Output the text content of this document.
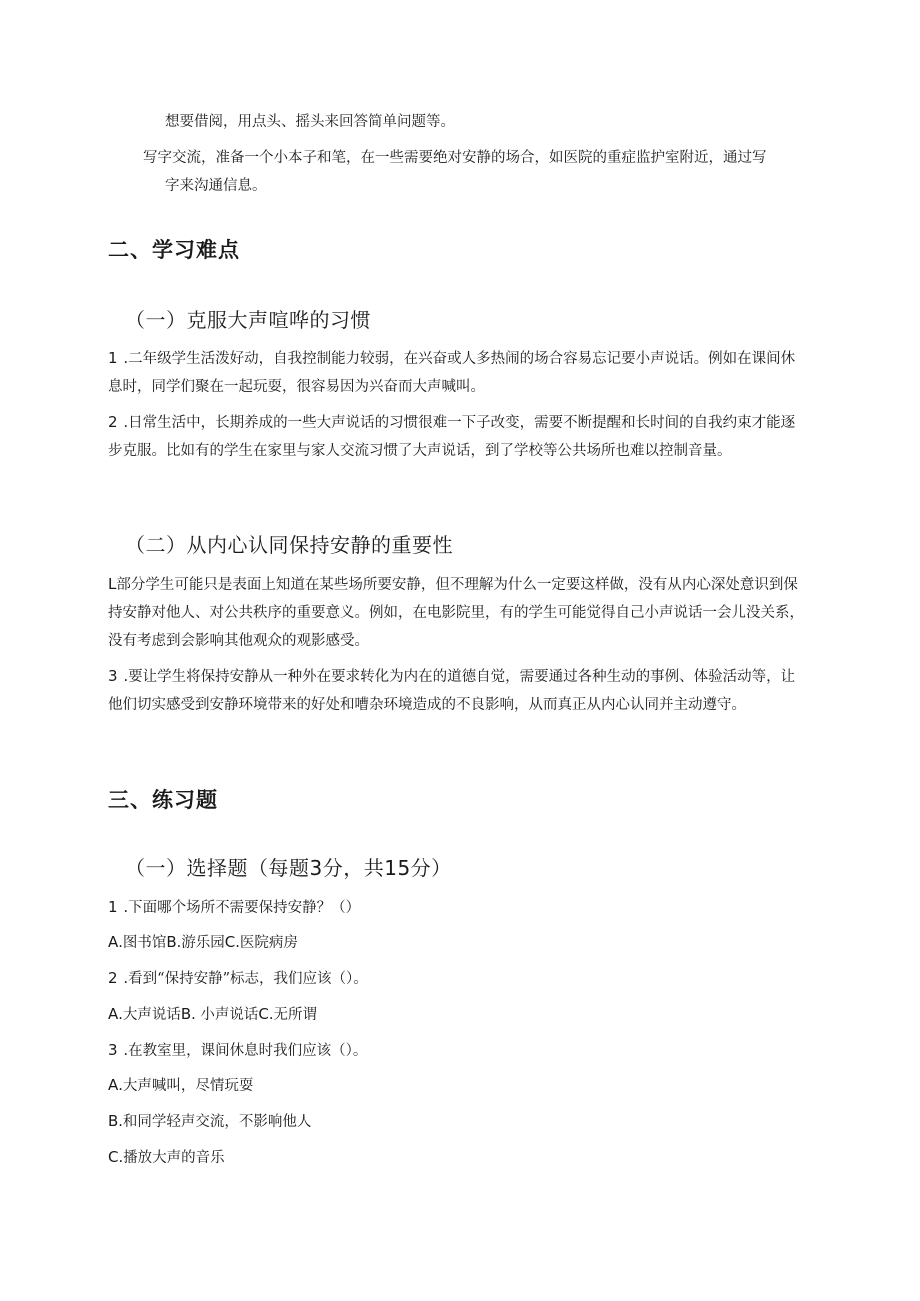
想要借阅，用点头、摇头来回答简单问题等。

写字交流，准备一个小本子和笔，在一些需要绝对安静的场合，如医院的重症监护室附近，通过写
字来沟通信息。

二、学习难点
（一）克服大声喧哗的习惯

1 .二年级学生活泼好动，自我控制能力较弱，在兴奋或人多热闹的场合容易忘记要小声说话。例如在课间休息时，同学们聚在一起玩耍，很容易因为兴奋而大声喊叫。

2 .日常生活中，长期养成的一些大声说话的习惯很难一下子改变，需要不断提醒和长时间的自我约束才能逐步克服。比如有的学生在家里与家人交流习惯了大声说话，到了学校等公共场所也难以控制音量。

（二）从内心认同保持安静的重要性

L部分学生可能只是表面上知道在某些场所要安静，但不理解为什么一定要这样做，没有从内心深处意识到保持安静对他人、对公共秩序的重要意义。例如，在电影院里，有的学生可能觉得自己小声说话一会儿没关系，没有考虑到会影响其他观众的观影感受。

3 .要让学生将保持安静从一种外在要求转化为内在的道德自觉，需要通过各种生动的事例、体验活动等，让他们切实感受到安静环境带来的好处和嘈杂环境造成的不良影响，从而真正从内心认同并主动遵守。

三、练习题
（一）选择题（每题3分，共15分）

1 .下面哪个场所不需要保持安静？（）

A.图书馆B.游乐园C.医院病房

2 .看到“保持安静”标志，我们应该（）。

A.大声说话B. 小声说话C.无所谓

3 .在教室里，课间休息时我们应该（）。

A.大声喊叫，尽情玩耍

B.和同学轻声交流，不影响他人

C.播放大声的音乐
